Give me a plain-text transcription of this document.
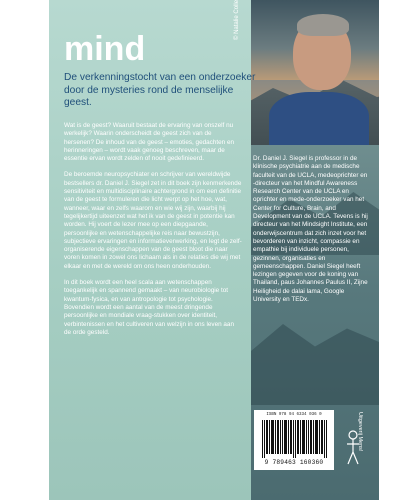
© Natalie Colle
mind
De verkenningstocht van een onderzoeker door de mysteries rond de menselijke geest.

Wat is de geest? Waaruit bestaat de ervaring van onszelf nu werkelijk? Waarin onderscheidt de geest zich van de hersenen? De inhoud van de geest – emoties, gedachten en herinneringen – wordt vaak genoeg beschreven, maar de essentie ervan wordt zelden of nooit gedefinieerd.

De beroemde neuropsychiater en schrijver van wereldwijde bestsellers dr. Daniel J. Siegel zet in dit boek zijn kenmerkende sensitiviteit en multidisciplinaire achtergrond in om een definitie van de geest te formuleren die licht werpt op het hoe, wat, wanneer, waar en zelfs waarom en wie wij zijn, waarbij hij tegelijkertijd uiteenzet wat het ik van de geest in potentie kan worden. Hij voert de lezer mee op een diepgaande, persoonlijke en wetenschappelijke reis naar bewustzijn, subjectieve ervaringen en informatieverwerking, en legt de zelf-organiserende eigenschappen van de geest bloot die naar voren komen in zowel ons lichaam als in de relaties die wij met elkaar en met de wereld om ons heen onderhouden.

In dit boek wordt een heel scala aan wetenschappen toegankelijk en spannend gemaakt – van neurobiologie tot kwantum-fysica, en van antropologie tot psychologie. Bovendien wordt een aantal van de meest dringende persoonlijke en mondiale vraag-stukken over identiteit, verbintenissen en het cultiveren van welzijn in ons leven aan de orde gesteld.

Dr. Daniel J. Siegel is professor in de klinische psychiatrie aan de medische faculteit van de UCLA, medeoprichter en -directeur van het Mindful Awareness Research Center van de UCLA en oprichter en mede-onderzoeker van het Center for Culture, Brain, and Development van de UCLA. Tevens is hij directeur van het Mindsight Institute, een onderwijscentrum dat zich inzet voor het bevorderen van inzicht, compassie en empathie bij individuele personen, gezinnen, organisaties en gemeenschappen. Daniel Siegel heeft lezingen gegeven voor de koning van Thailand, paus Johannes Paulus II, Zijne Heiligheid de dalai lama, Google University en TEDx.
ISBN 978 94 6334 036 0
9 789463 160360
Uitgeverij Mens!
